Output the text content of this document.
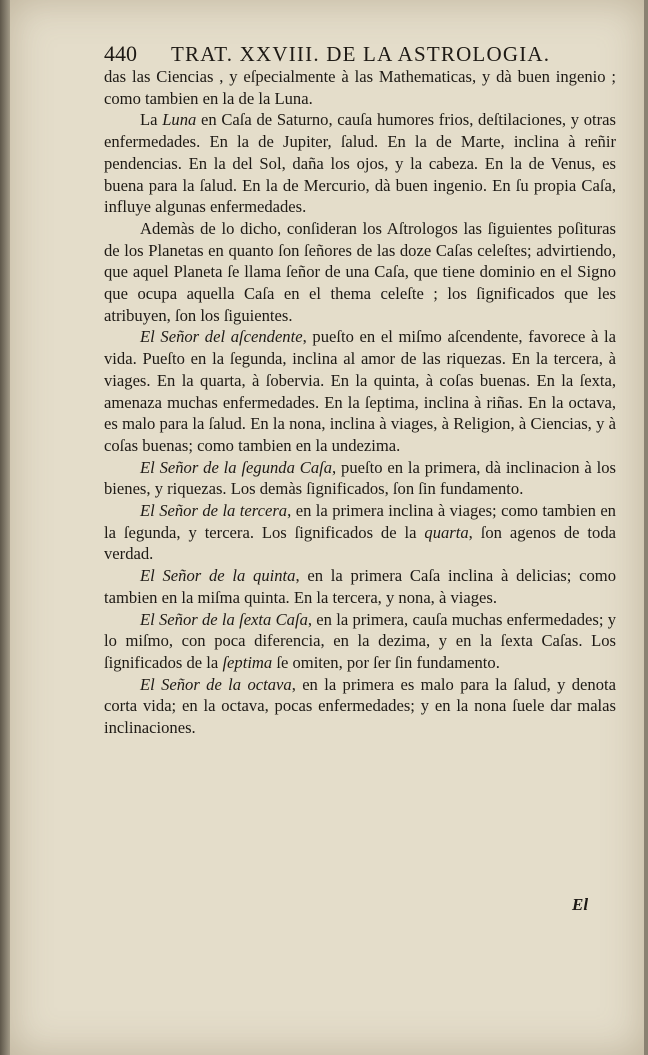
440 TRAT. XXVIII. DE LA ASTROLOGIA.

das las Ciencias , y eſpecialmente à las Mathematicas, y dà buen ingenio ; como tambien en la de la Luna.

La Luna en Caſa de Saturno, cauſa humores frios, deſtilaciones, y otras enfermedades. En la de Jupiter, ſalud. En la de Marte, inclina à reñir pendencias. En la del Sol, daña los ojos, y la cabeza. En la de Venus, es buena para la ſalud. En la de Mercurio, dà buen ingenio. En ſu propia Caſa, influye algunas enfermedades.

Ademàs de lo dicho, conſideran los Aſtrologos las ſiguientes poſituras de los Planetas en quanto ſon ſeñores de las doze Caſas celeſtes; advirtiendo, que aquel Planeta ſe llama ſeñor de una Caſa, que tiene dominio en el Signo que ocupa aquella Caſa en el thema celeſte ; los ſignificados que les atribuyen, ſon los ſiguientes.

El Señor del aſcendente, pueſto en el miſmo aſcendente, favorece à la vida. Pueſto en la ſegunda, inclina al amor de las riquezas. En la tercera, à viages. En la quarta, à ſobervia. En la quinta, à coſas buenas. En la ſexta, amenaza muchas enfermedades. En la ſeptima, inclina à riñas. En la octava, es malo para la ſalud. En la nona, inclina à viages, à Religion, à Ciencias, y à coſas buenas; como tambien en la undezima.

El Señor de la ſegunda Caſa, pueſto en la primera, dà inclinacion à los bienes, y riquezas. Los demàs ſignificados, ſon ſin fundamento.

El Señor de la tercera, en la primera inclina à viages; como tambien en la ſegunda, y tercera. Los ſignificados de la quarta, ſon agenos de toda verdad.

El Señor de la quinta, en la primera Caſa inclina à delicias; como tambien en la miſma quinta. En la tercera, y nona, à viages.

El Señor de la ſexta Caſa, en la primera, cauſa muchas enfermedades; y lo miſmo, con poca diferencia, en la dezima, y en la ſexta Caſas. Los ſignificados de la ſeptima ſe omiten, por ſer ſin fundamento.

El Señor de la octava, en la primera es malo para la ſalud, y denota corta vida; en la octava, pocas enfermedades; y en la nona ſuele dar malas inclinaciones.

El
